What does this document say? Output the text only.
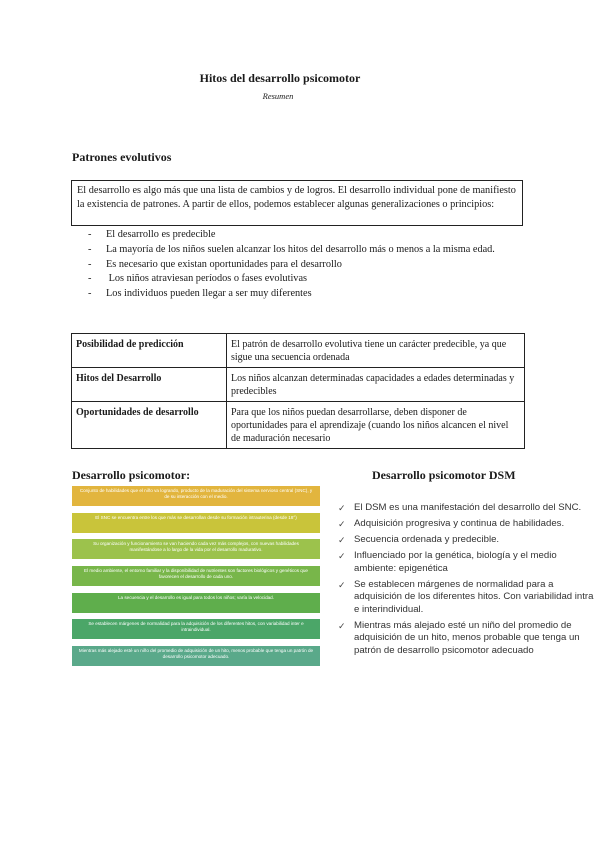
Hitos del desarrollo psicomotor
Resumen
Patrones evolutivos
El desarrollo es algo más que una lista de cambios y de logros. El desarrollo individual pone de manifiesto la existencia de patrones. A partir de ellos, podemos establecer algunas generalizaciones o principios:
- El desarrollo es predecible
- La mayoría de los niños suelen alcanzar los hitos del desarrollo más o menos a la misma edad.
- Es necesario que existan oportunidades para el desarrollo
- Los niños atraviesan períodos o fases evolutivas
- Los individuos pueden llegar a ser muy diferentes
Posibilidad de predicción	El patrón de desarrollo evolutiva tiene un carácter predecible, ya que sigue una secuencia ordenada
Hitos del Desarrollo	Los niños alcanzan determinadas capacidades a edades determinadas y predecibles
Oportunidades de desarrollo	Para que los niños puedan desarrollarse, deben disponer de oportunidades para el aprendizaje (cuando los niños alcancen el nivel de maduración necesario
Desarrollo psicomotor:	Desarrollo psicomotor DSM
Conjunto de habilidades que el niño va logrando, producto de la maduración del sistema nervioso central (SNC), y de su interacción con el medio.
El SNC se encuentra entre los que más se desarrollan desde su formación intrauterina (desde 18°)
Su organización y funcionamiento se van haciendo cada vez más complejos, con nuevas habilidades manifestándose a lo largo de la vida por el desarrollo madurativo.
El medio ambiente, el entorno familiar y la disponibilidad de nutrientes son factores biológicos y genéticos que favorecen el desarrollo de cada uno.
La secuencia y el desarrollo es igual para todos los niños; varía la velocidad.
Se establecen márgenes de normalidad para la adquisición de los diferentes hitos, con variabilidad inter e intraindividual.
Mientras más alejado esté un niño del promedio de adquisición de un hito, menos probable que tenga un patrón de desarrollo psicomotor adecuado.
✓ El DSM es una manifestación del desarrollo del SNC.
✓ Adquisición progresiva y continua de habilidades.
✓ Secuencia ordenada y predecible.
✓ Influenciado por la genética, biología y el medio ambiente: epigenética
✓ Se establecen márgenes de normalidad para a adquisición de los diferentes hitos. Con variabilidad intra e interindividual.
✓ Mientras más alejado esté un niño del promedio de adquisición de un hito, menos probable que tenga un patrón de desarrollo psicomotor adecuado
